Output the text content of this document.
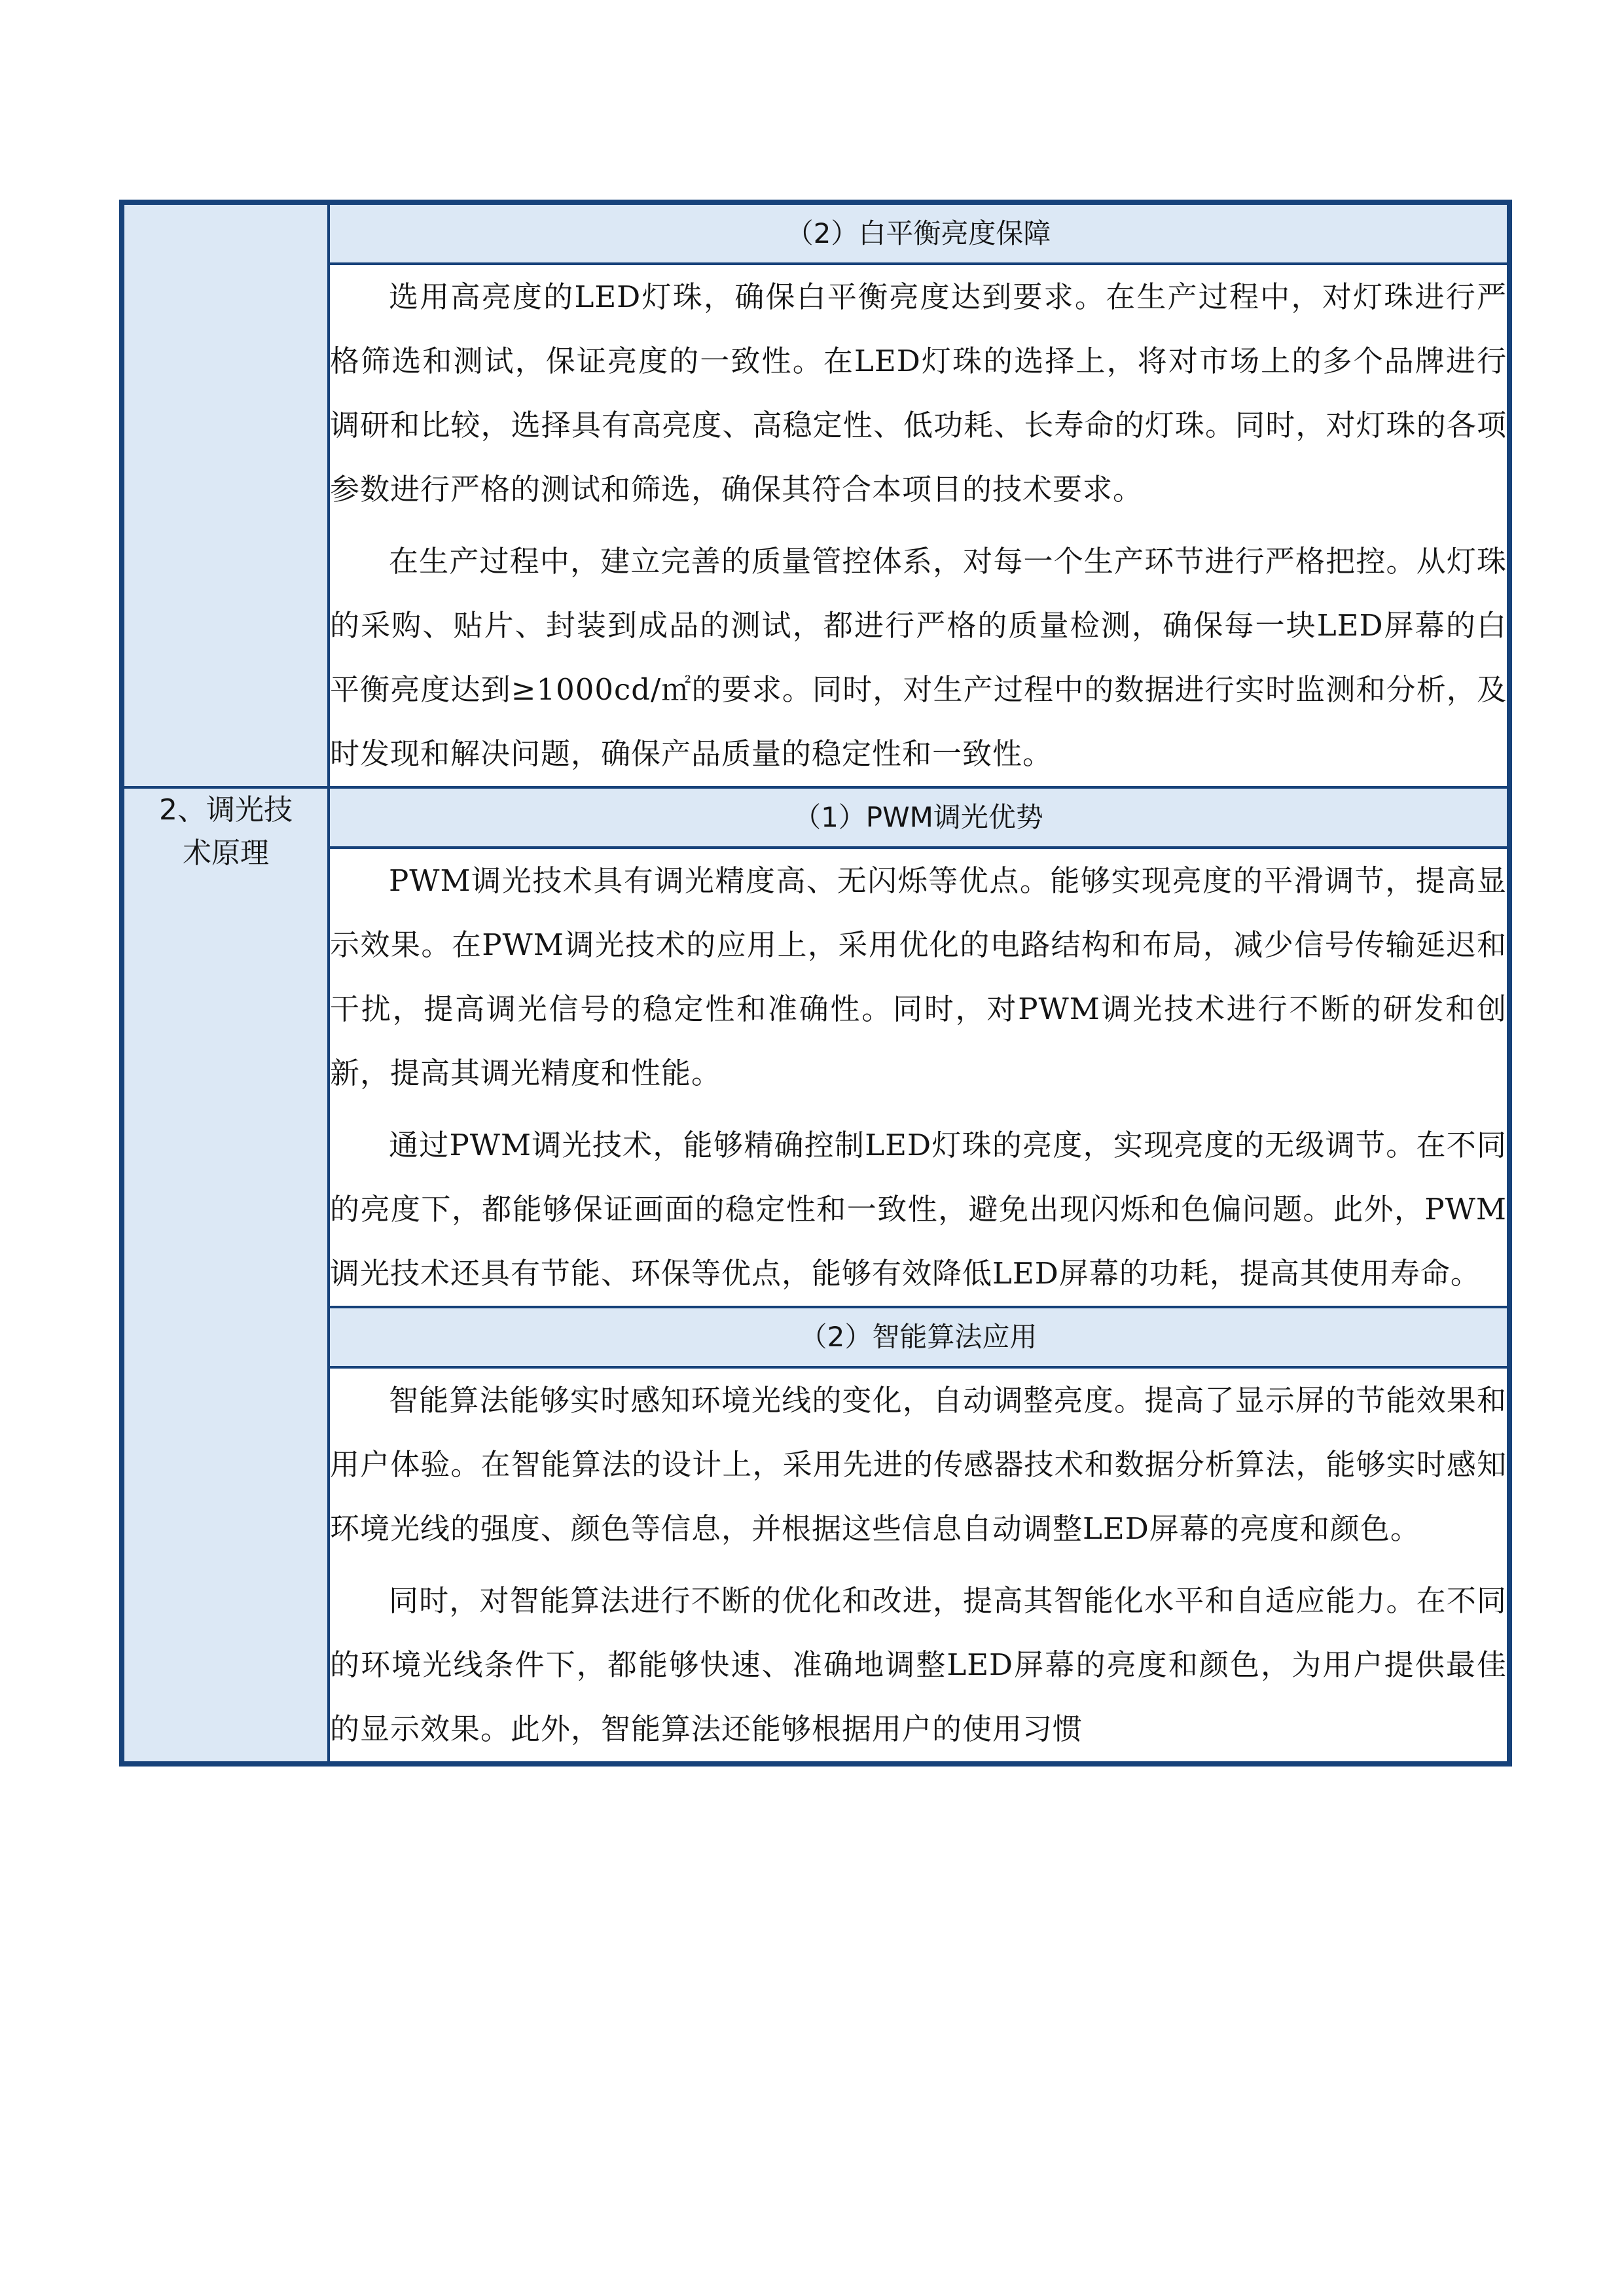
	（2）白平衡亮度保障

	选用高亮度的LED灯珠，确保白平衡亮度达到要求。在生产过程中，对灯珠进行严格筛选和测试，保证亮度的一致性。在LED灯珠的选择上，将对市场上的多个品牌进行调研和比较，选择具有高亮度、高稳定性、低功耗、长寿命的灯珠。同时，对灯珠的各项参数进行严格的测试和筛选，确保其符合本项目的技术要求。

在生产过程中，建立完善的质量管控体系，对每一个生产环节进行严格把控。从灯珠的采购、贴片、封装到成品的测试，都进行严格的质量检测，确保每一块LED屏幕的白平衡亮度达到≥1000cd/㎡的要求。同时，对生产过程中的数据进行实时监测和分析，及时发现和解决问题，确保产品质量的稳定性和一致性。

2、调光技术原理	（1）PWM调光优势

	PWM调光技术具有调光精度高、无闪烁等优点。能够实现亮度的平滑调节，提高显示效果。在PWM调光技术的应用上，采用优化的电路结构和布局，减少信号传输延迟和干扰，提高调光信号的稳定性和准确性。同时，对PWM调光技术进行不断的研发和创新，提高其调光精度和性能。

通过PWM调光技术，能够精确控制LED灯珠的亮度，实现亮度的无级调节。在不同的亮度下，都能够保证画面的稳定性和一致性，避免出现闪烁和色偏问题。此外，PWM调光技术还具有节能、环保等优点，能够有效降低LED屏幕的功耗，提高其使用寿命。

	（2）智能算法应用

	智能算法能够实时感知环境光线的变化，自动调整亮度。提高了显示屏的节能效果和用户体验。在智能算法的设计上，采用先进的传感器技术和数据分析算法，能够实时感知环境光线的强度、颜色等信息，并根据这些信息自动调整LED屏幕的亮度和颜色。

同时，对智能算法进行不断的优化和改进，提高其智能化水平和自适应能力。在不同的环境光线条件下，都能够快速、准确地调整LED屏幕的亮度和颜色，为用户提供最佳的显示效果。此外，智能算法还能够根据用户的使用习惯
